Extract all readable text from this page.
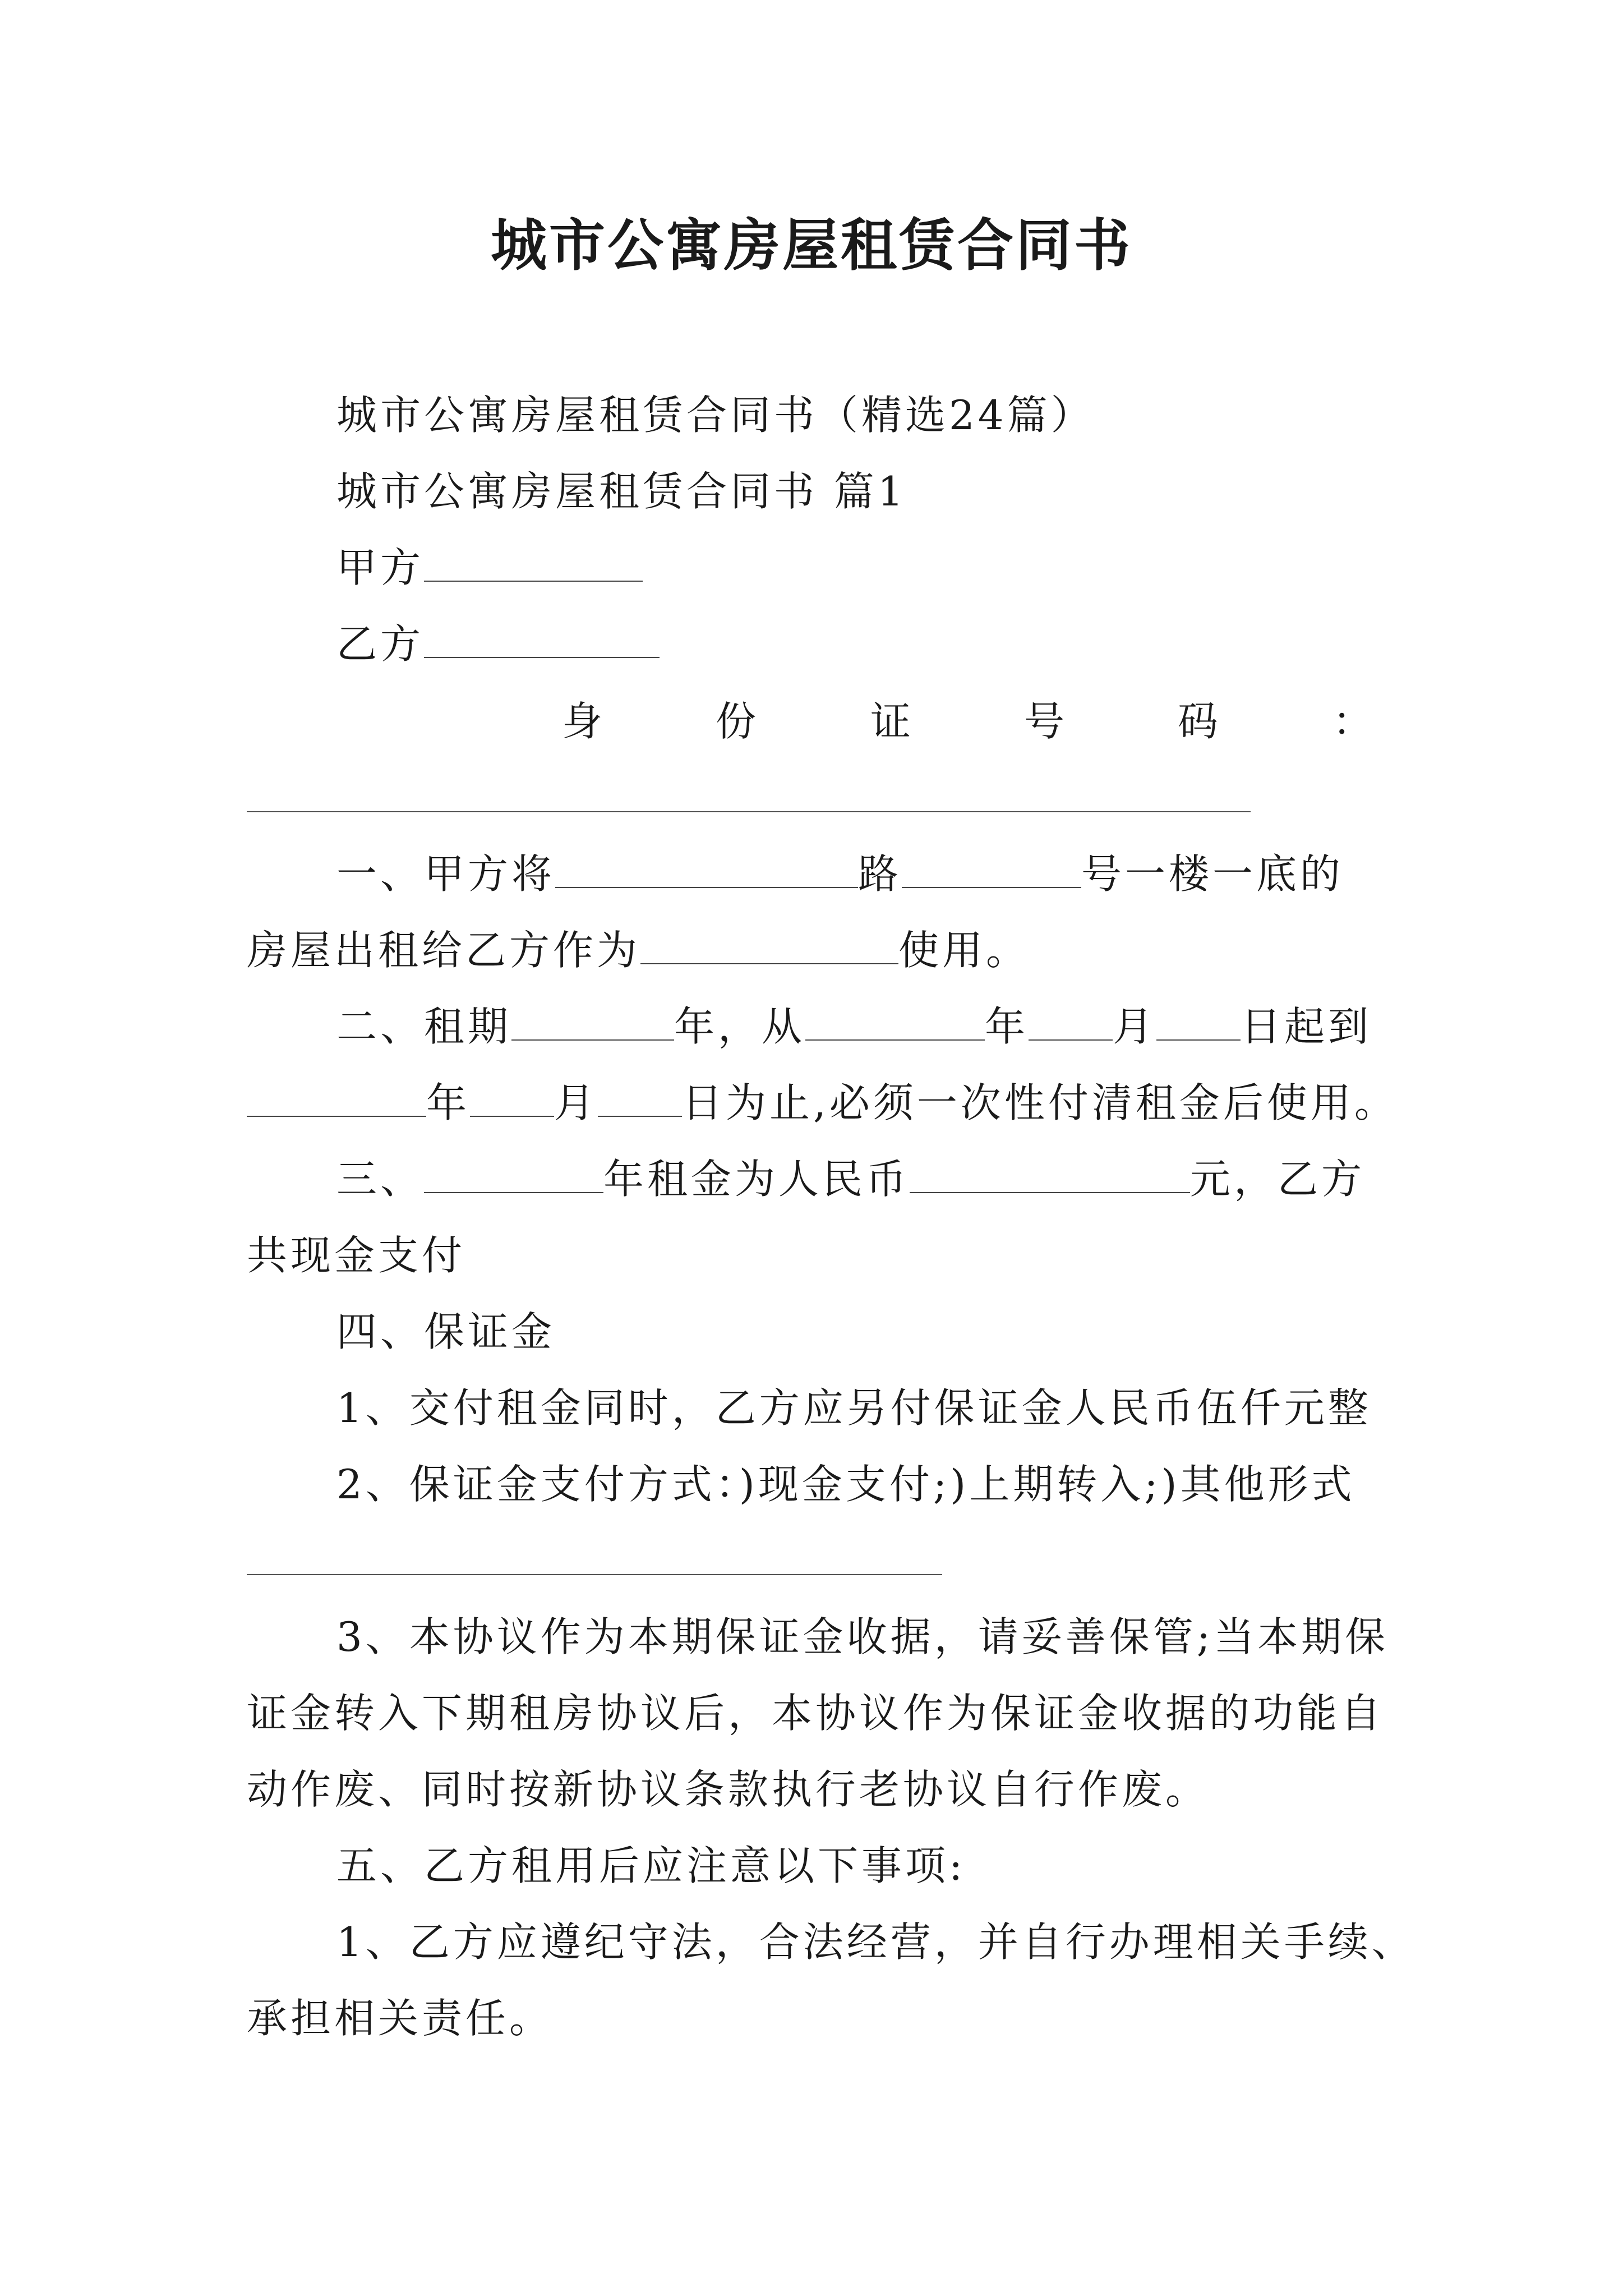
城市公寓房屋租赁合同书
城市公寓房屋租赁合同书（精选24篇）
城市公寓房屋租赁合同书 篇1
甲方
乙方
身	份	证	号	码	：
一、甲方将	路	号一楼一底的
房屋出租给乙方作为	使用。
二、租期	年，从	年 月 日起到
年 月 日为止,必须一次性付清租金后使用。
三、	年租金为人民币	元，乙方
共现金支付
四、保证金
1、交付租金同时，乙方应另付保证金人民币伍仟元整
2、保证金支付方式：)现金支付;)上期转入;)其他形式
3、本协议作为本期保证金收据，请妥善保管;当本期保
证金转入下期租房协议后，本协议作为保证金收据的功能自
动作废、同时按新协议条款执行老协议自行作废。
五、乙方租用后应注意以下事项:
1、乙方应遵纪守法，合法经营，并自行办理相关手续、
承担相关责任。
